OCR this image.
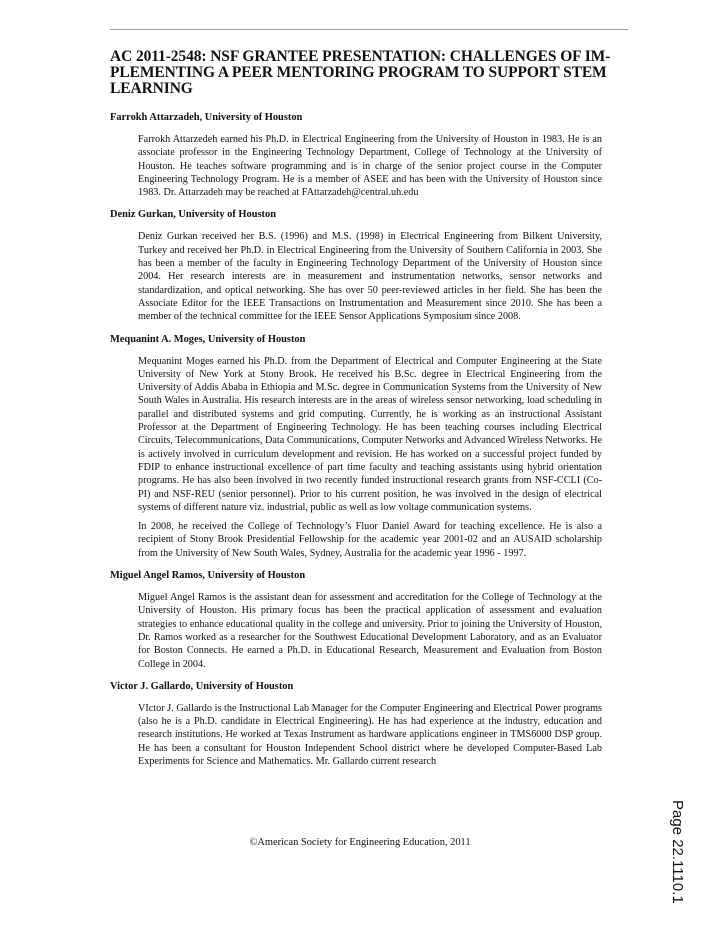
AC 2011-2548: NSF GRANTEE PRESENTATION: CHALLENGES OF IM-PLEMENTING A PEER MENTORING PROGRAM TO SUPPORT STEM LEARNING
Farrokh Attarzadeh, University of Houston

Farrokh Attarzedeh earned his Ph.D. in Electrical Engineering from the University of Houston in 1983. He is an associate professor in the Engineering Technology Department, College of Technology at the University of Houston. He teaches software programming and is in charge of the senior project course in the Computer Engineering Technology Program. He is a member of ASEE and has been with the University of Houston since 1983. Dr. Attarzadeh may be reached at FAttarzadeh@central.uh.edu

Deniz Gurkan, University of Houston

Deniz Gurkan received her B.S. (1996) and M.S. (1998) in Electrical Engineering from Bilkent University, Turkey and received her Ph.D. in Electrical Engineering from the University of Southern California in 2003. She has been a member of the faculty in Engineering Technology Department of the University of Houston since 2004. Her research interests are in measurement and instrumentation networks, sensor networks and standardization, and optical networking. She has over 50 peer-reviewed articles in her field. She has been the Associate Editor for the IEEE Transactions on Instrumentation and Measurement since 2010. She has been a member of the technical committee for the IEEE Sensor Applications Symposium since 2008.

Mequanint A. Moges, University of Houston

Mequanint Moges earned his Ph.D. from the Department of Electrical and Computer Engineering at the State University of New York at Stony Brook. He received his B.Sc. degree in Electrical Engineering from the University of Addis Ababa in Ethiopia and M.Sc. degree in Communication Systems from the University of New South Wales in Australia. His research interests are in the areas of wireless sensor networking, load scheduling in parallel and distributed systems and grid computing. Currently, he is working as an instructional Assistant Professor at the Department of Engineering Technology. He has been teaching courses including Electrical Circuits, Telecommunications, Data Communications, Computer Networks and Advanced Wireless Networks. He is actively involved in curriculum development and revision. He has worked on a successful project funded by FDIP to enhance instructional excellence of part time faculty and teaching assistants using hybrid orientation programs. He has also been involved in two recently funded instructional research grants from NSF-CCLI (Co-PI) and NSF-REU (senior personnel). Prior to his current position, he was involved in the design of electrical systems of different nature viz. industrial, public as well as low voltage communication systems.

In 2008, he received the College of Technology’s Fluor Daniel Award for teaching excellence. He is also a recipient of Stony Brook Presidential Fellowship for the academic year 2001-02 and an AUSAID scholarship from the University of New South Wales, Sydney, Australia for the academic year 1996 - 1997.

Miguel Angel Ramos, University of Houston

Miguel Angel Ramos is the assistant dean for assessment and accreditation for the College of Technology at the University of Houston. His primary focus has been the practical application of assessment and evaluation strategies to enhance educational quality in the college and university. Prior to joining the University of Houston, Dr. Ramos worked as a researcher for the Southwest Educational Development Laboratory, and as an Evaluator for Boston Connects. He earned a Ph.D. in Educational Research, Measurement and Evaluation from Boston College in 2004.

Victor J. Gallardo, University of Houston

VIctor J. Gallardo is the Instructional Lab Manager for the Computer Engineering and Electrical Power programs (also he is a Ph.D. candidate in Electrical Engineering). He has had experience at the industry, education and research institutions. He worked at Texas Instrument as hardware applications engineer in TMS6000 DSP group. He has been a consultant for Houston Independent School district where he developed Computer-Based Lab Experiments for Science and Mathematics. Mr. Gallardo current research

©American Society for Engineering Education, 2011	Page 22.1110.1
